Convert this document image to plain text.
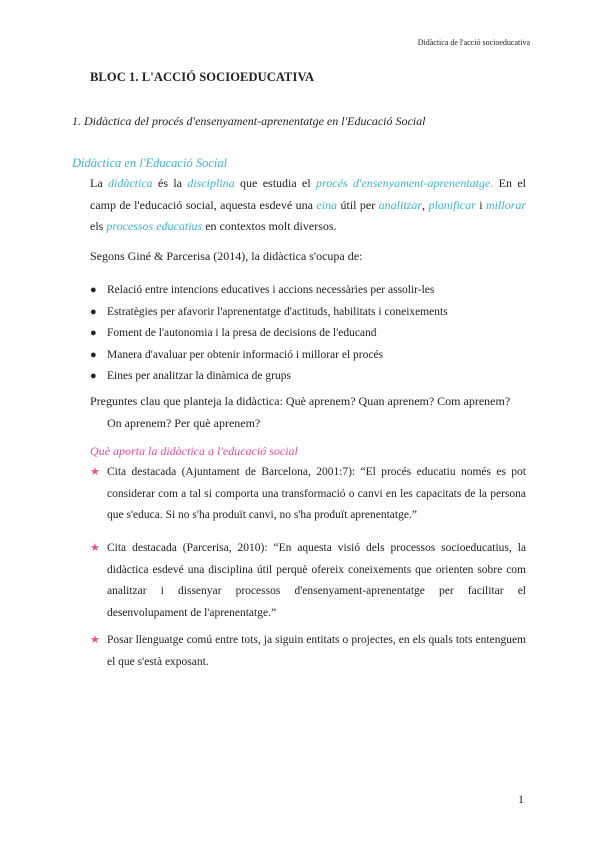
Didàctica de l'acció socioeducativa
BLOC 1. L'ACCIÓ SOCIOEDUCATIVA
1. Didàctica del procés d'ensenyament-aprenentatge en l'Educació Social
Didàctica en l'Educació Social
La didàctica és la disciplina que estudia el procés d'ensenyament-aprenentatge. En el camp de l'educació social, aquesta esdevé una eina útil per analitzar, planificar i millorar els processos educatius en contextos molt diversos.
Segons Giné & Parcerisa (2014), la didàctica s'ocupa de:
● Relació entre intencions educatives i accions necessàries per assolir-les
● Estratègies per afavorir l'aprenentatge d'actituds, habilitats i coneixements
● Foment de l'autonomia i la presa de decisions de l'educand
● Manera d'avaluar per obtenir informació i millorar el procés
● Eines per analitzar la dinàmica de grups
Preguntes clau que planteja la didàctica: Què aprenem? Quan aprenem? Com aprenem?
On aprenem? Per què aprenem?
Què aporta la didàctica a l'educació social
★ Cita destacada (Ajuntament de Barcelona, 2001:7): “El procés educatiu només es pot considerar com a tal si comporta una transformació o canvi en les capacitats de la persona que s'educa. Si no s'ha produït canvi, no s'ha produït aprenentatge.”
★ Cita destacada (Parcerisa, 2010): “En aquesta visió dels processos socioeducatius, la didàctica esdevé una disciplina útil perquè ofereix coneixements que orienten sobre com analitzar i dissenyar processos d'ensenyament-aprenentatge per facilitar el desenvolupament de l'aprenentatge.”
★ Posar llenguatge comú entre tots, ja siguin entitats o projectes, en els quals tots entenguem el que s'està exposant.
1
